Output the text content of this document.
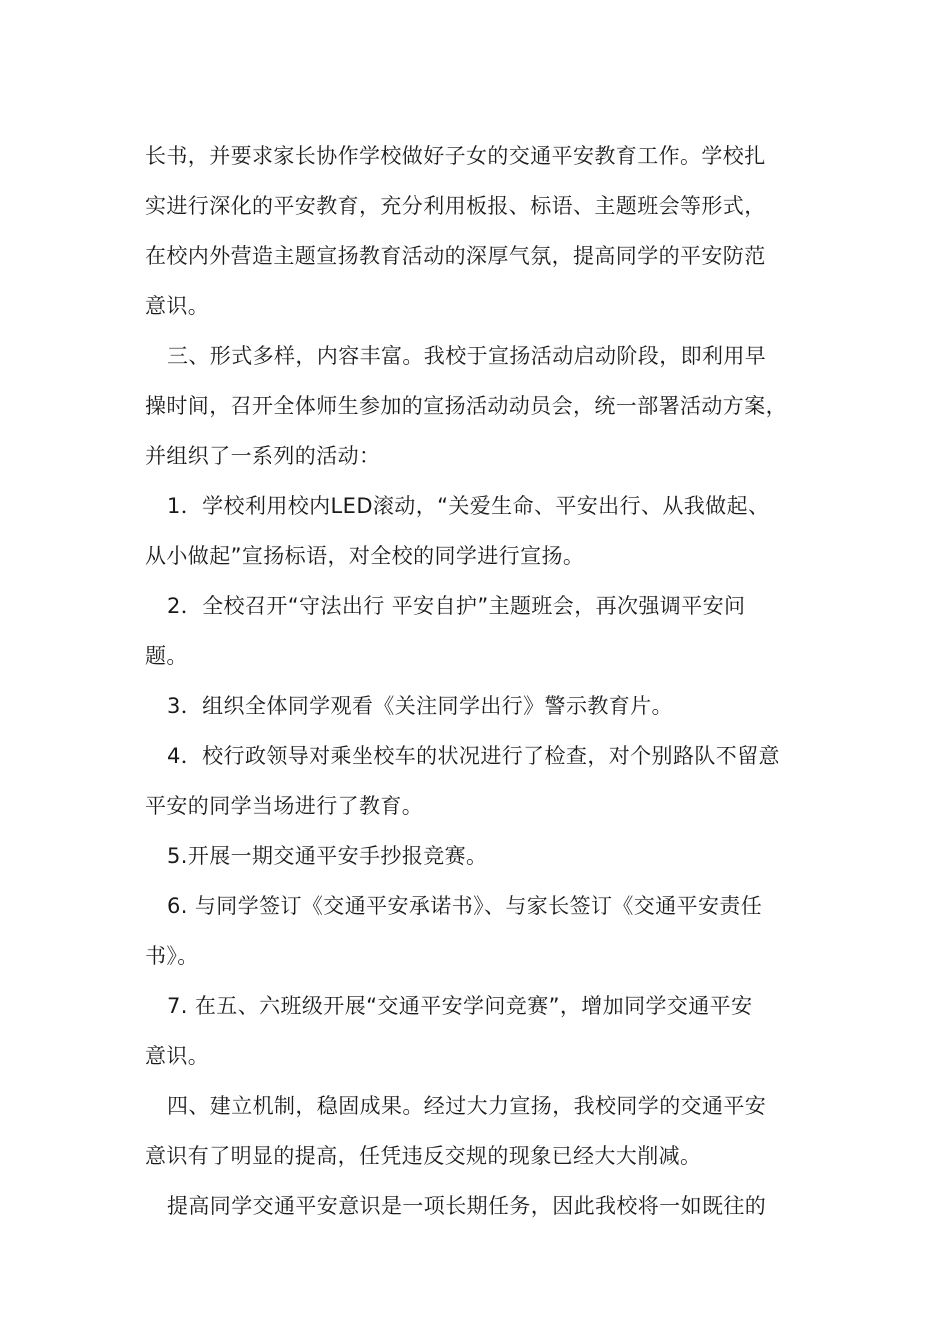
长书，并要求家长协作学校做好子女的交通平安教育工作。学校扎
实进行深化的平安教育，充分利用板报、标语、主题班会等形式，
在校内外营造主题宣扬教育活动的深厚气氛，提高同学的平安防范
意识。
三、形式多样，内容丰富。我校于宣扬活动启动阶段，即利用早
操时间，召开全体师生参加的宣扬活动动员会，统一部署活动方案，
并组织了一系列的活动：
1．学校利用校内LED滚动，“关爱生命、平安出行、从我做起、
从小做起”宣扬标语，对全校的同学进行宣扬。
2．全校召开“守法出行 平安自护”主题班会，再次强调平安问
题。
3．组织全体同学观看《关注同学出行》警示教育片。
4．校行政领导对乘坐校车的状况进行了检查，对个别路队不留意
平安的同学当场进行了教育。
5.开展一期交通平安手抄报竞赛。
6. 与同学签订《交通平安承诺书》、与家长签订《交通平安责任
书》。
7. 在五、六班级开展“交通平安学问竞赛”，增加同学交通平安
意识。
四、建立机制，稳固成果。经过大力宣扬，我校同学的交通平安
意识有了明显的提高，任凭违反交规的现象已经大大削减。
提高同学交通平安意识是一项长期任务，因此我校将一如既往的
